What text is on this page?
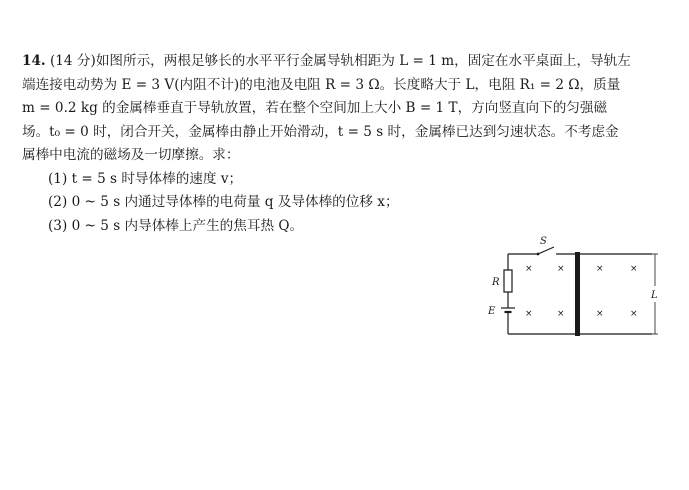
14. (14 分)如图所示，两根足够长的水平平行金属导轨相距为 L = 1 m，固定在水平桌面上，导轨左
端连接电动势为 E = 3 V(内阻不计)的电池及电阻 R = 3 Ω。长度略大于 L，电阻 R₁ = 2 Ω，质量
m = 0.2 kg 的金属棒垂直于导轨放置，若在整个空间加上大小 B = 1 T，方向竖直向下的匀强磁
场。t₀ = 0 时，闭合开关，金属棒由静止开始滑动，t = 5 s 时，金属棒已达到匀速状态。不考虑金
属棒中电流的磁场及一切摩擦。求：
(1) t = 5 s 时导体棒的速度 v；
(2) 0 ~ 5 s 内通过导体棒的电荷量 q 及导体棒的位移 x；
(3) 0 ~ 5 s 内导体棒上产生的焦耳热 Q。
S
R
E
L
×	×	×	×
×	×	×	×
